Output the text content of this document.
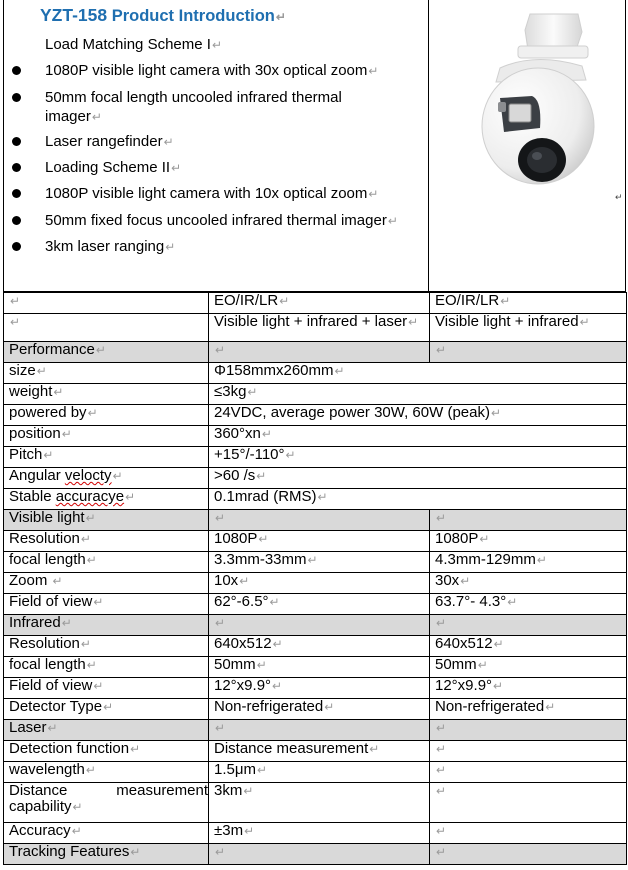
YZT-158 Product Introduction↵
Load Matching Scheme I↵
1080P visible light camera with 30x optical zoom↵
50mm focal length uncooled infrared thermal imager↵
Laser rangefinder↵
Loading Scheme II↵
1080P visible light camera with 10x optical zoom↵
50mm fixed focus uncooled infrared thermal imager↵
3km laser ranging↵
↵
↵	EO/IR/LR↵	EO/IR/LR↵
↵	Visible light + infrared + laser↵	Visible light + infrared↵
Performance↵	↵	↵
size↵	Φ158mmx260mm↵	
weight↵	≤3kg↵	
powered by↵	24VDC, average power 30W, 60W (peak)↵	
position↵	360°xn↵	
Pitch↵	+15°/-110°↵	
Angular velocty↵	>60 /s↵	
Stable accuracye↵	0.1mrad (RMS)↵	
Visible light↵	↵	↵
Resolution↵	1080P↵	1080P↵
focal length↵	3.3mm-33mm↵	4.3mm-129mm↵
Zoom ↵	10x↵	30x↵
Field of view↵	62°-6.5°↵	63.7°- 4.3°↵
Infrared↵	↵	↵
Resolution↵	640x512↵	640x512↵
focal length↵	50mm↵	50mm↵
Field of view↵	12°x9.9°↵	12°x9.9°↵
Detector Type↵	Non-refrigerated↵	Non-refrigerated↵
Laser↵	↵	↵
Detection function↵	Distance measurement↵	↵
wavelength↵	1.5μm↵	↵
Distance measurement capability↵	3km↵	↵
Accuracy↵	±3m↵	↵
Tracking Features↵	↵	↵
